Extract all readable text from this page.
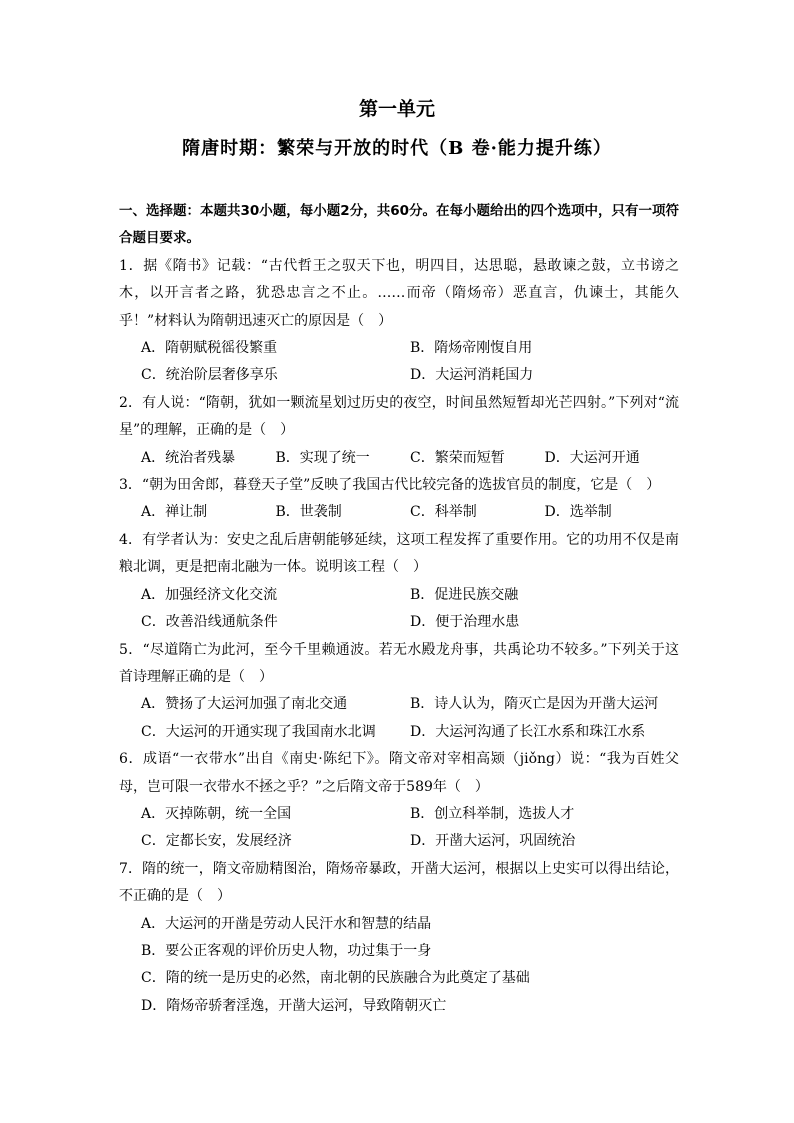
第一单元
隋唐时期：繁荣与开放的时代（B 卷·能力提升练）

一、选择题：本题共30小题，每小题2分，共60分。在每小题给出的四个选项中，只有一项符合题目要求。

1．据《隋书》记载：“古代哲王之驭天下也，明四目，达思聪，悬敢谏之鼓，立书谤之木，以开言者之路，犹恐忠言之不止。……而帝（隋炀帝）恶直言，仇谏士，其能久乎！”材料认为隋朝迅速灭亡的原因是（　）

A．隋朝赋税徭役繁重	B．隋炀帝刚愎自用
C．统治阶层奢侈享乐	D．大运河消耗国力

2．有人说：“隋朝，犹如一颗流星划过历史的夜空，时间虽然短暂却光芒四射。”下列对“流星”的理解，正确的是（　）

A．统治者残暴	B．实现了统一	C．繁荣而短暂	D．大运河开通

3．“朝为田舍郎，暮登天子堂”反映了我国古代比较完备的选拔官员的制度，它是（　）

A．禅让制	B．世袭制	C．科举制	D．选举制

4．有学者认为：安史之乱后唐朝能够延续，这项工程发挥了重要作用。它的功用不仅是南粮北调，更是把南北融为一体。说明该工程（　）

A．加强经济文化交流	B．促进民族交融
C．改善沿线通航条件	D．便于治理水患

5．“尽道隋亡为此河，至今千里赖通波。若无水殿龙舟事，共禹论功不较多。”下列关于这首诗理解正确的是（　）

A．赞扬了大运河加强了南北交通	B．诗人认为，隋灭亡是因为开凿大运河
C．大运河的开通实现了我国南水北调	D．大运河沟通了长江水系和珠江水系

6．成语“一衣带水”出自《南史·陈纪下》。隋文帝对宰相高颎（jiǒng）说：“我为百姓父母，岂可限一衣带水不拯之乎？”之后隋文帝于589年（　）

A．灭掉陈朝，统一全国	B．创立科举制，选拔人才
C．定都长安，发展经济	D．开凿大运河，巩固统治

7．隋的统一，隋文帝励精图治，隋炀帝暴政，开凿大运河，根据以上史实可以得出结论，不正确的是（　）

A．大运河的开凿是劳动人民汗水和智慧的结晶
B．要公正客观的评价历史人物，功过集于一身
C．隋的统一是历史的必然，南北朝的民族融合为此奠定了基础
D．隋炀帝骄奢淫逸，开凿大运河，导致隋朝灭亡
